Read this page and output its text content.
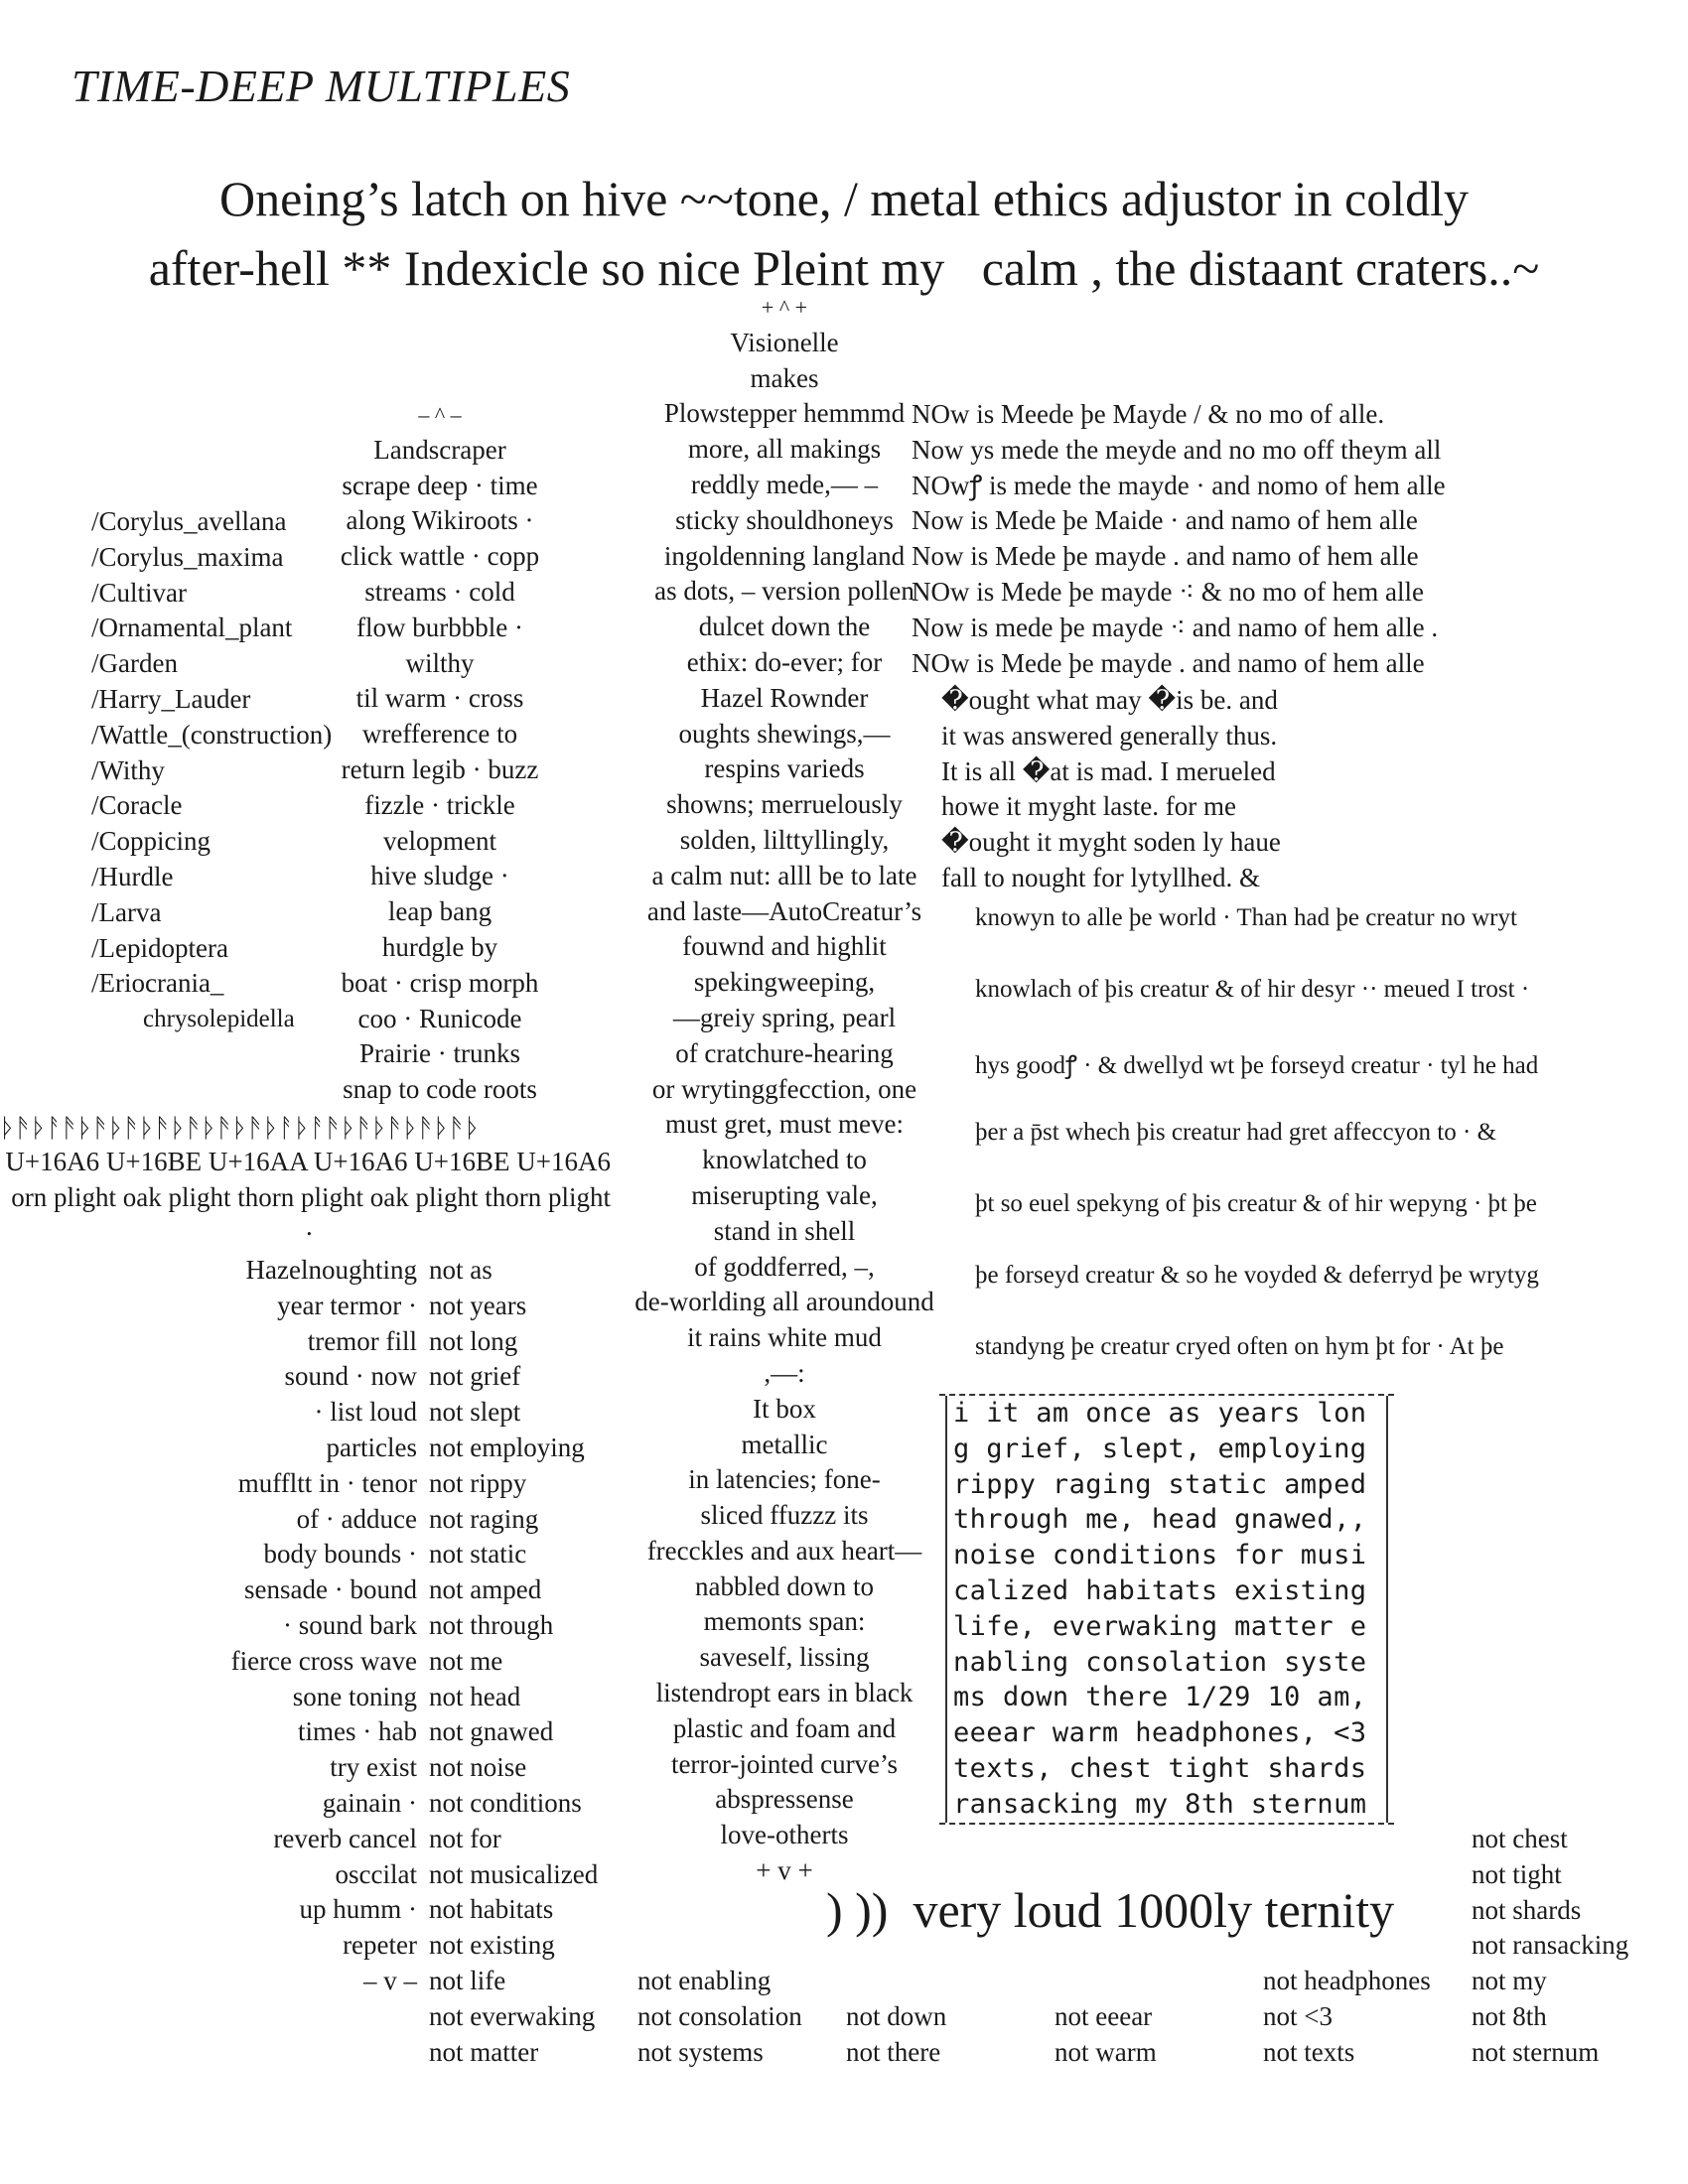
TIME-DEEP MULTIPLES
Oneing’s latch on hive ~~tone, / metal ethics adjustor in coldly
after-hell ** Indexicle so nice Pleint my   calm , the distaant craters..~
+ ^ +
Visionelle
makes
Plowstepper hemmmd
more, all makings
reddly mede,— –
sticky shouldhoneys
ingoldenning langland
as dots, – version pollen
dulcet down the
ethix: do-ever; for
Hazel Rownder
oughts shewings,—
respins varieds
showns; merruelously
solden, lilttyllingly,
a calm nut: alll be to late
and laste—AutoCreatur’s
fouwnd and highlit
spekingweeping,
—greiy spring, pearl
of cratchure-hearing
or wrytinggfecction, one
must gret, must meve:
knowlatched to
miserupting vale,
stand in shell
of goddferred, –,
de-worlding all aroundound
it rains white mud
,—:
It box
metallic
in latencies; fone-
sliced ffuzzz its
frecckles and aux heart—
nabbled down to
memonts span:
saveself, lissing
listendropt ears in black
plastic and foam and
terror-jointed curve’s
abspressense
love-otherts
+ v +
– ^ –
Landscraper
scrape deep · time
along Wikiroots ·
click wattle · copp
streams · cold
flow burbbble ·
wilthy
til warm · cross
wrefference to
return legib · buzz
fizzle · trickle
velopment
hive sludge ·
leap bang
hurdgle by
boat · crisp morph
coo · Runicode
Prairie · trunks
snap to code roots
/Corylus_avellana
/Corylus_maxima
/Cultivar
/Ornamental_plant
/Garden
/Harry_Lauder
/Wattle_(construction)
/Withy
/Coracle
/Coppicing
/Hurdle
/Larva
/Lepidoptera
/Eriocrania_
chrysolepidella
NOw is Meede þe Mayde / & no mo of alle.
Now ys mede the meyde and no mo off theym all
NOwꝭ is mede the mayde · and nomo of hem alle
Now is Mede þe Maide · and namo of hem alle
Now is Mede þe mayde . and namo of hem alle
NOw is Mede þe mayde ⁖ & no mo of hem alle
Now is mede þe mayde ⁖ and namo of hem alle .
NOw is Mede þe mayde . and namo of hem alle
�ought what may �is be. and
it was answered generally thus.
It is all �at is mad. I merueled
howe it myght laste. for me
�ought it myght soden ly haue
fall to nought for lytyllhed. &
knowyn to alle þe world · Than had þe creatur no wryt
knowlach of þis creatur & of hir desyr ·· meued I trost ·
hys goodꝭ · & dwellyd wt þe forseyd creatur · tyl he had
þer a p̄st whech þis creatur had gret affeccyon to · &
þt so euel spekyng of þis creatur & of hir wepyng · þt þe
þe forseyd creatur & so he voyded & deferryd þe wrytyg
standyng þe creatur cryed often on hym þt for · At þe
ᚦᚫᚦᚨᚫᚦᚫᚦᚫᚦᚫᚦᚫᚦᚫᚦᚫᚦᚨᚦᚨᚫᚦᚫᚦᚫᚦᚫᚦᚫᚦ
U+16A6 U+16BE U+16AA U+16A6 U+16BE U+16A6
orn plight oak plight thorn plight oak plight thorn plight
.
Hazelnoughting
year termor ·
tremor fill
sound · now
· list loud
particles
muffltt in · tenor
of · adduce
body bounds ·
sensade · bound
· sound bark
fierce cross wave
sone toning
times · hab
try exist
gainain ·
reverb cancel
osccilat
up humm ·
repeter
– v –
not as
not years
not long
not grief
not slept
not employing
not rippy
not raging
not static
not amped
not through
not me
not head
not gnawed
not noise
not conditions
not for
not musicalized
not habitats
not existing
not life
not everwaking
not matter
not enabling
not consolation
not systems
not down
not there
not eeear
not warm
not headphones
not <3
not texts
not chest
not tight
not shards
not ransacking
not my
not 8th
not sternum
i it am once as years lon
g grief, slept, employing
rippy raging static amped
through me, head gnawed,,
noise conditions for musi
calized habitats existing
life, everwaking matter e
nabling consolation syste
ms down there 1/29 10 am,
eeear warm headphones, <3
texts, chest tight shards
ransacking my 8th sternum
) ))  very loud 1000ly ternity
